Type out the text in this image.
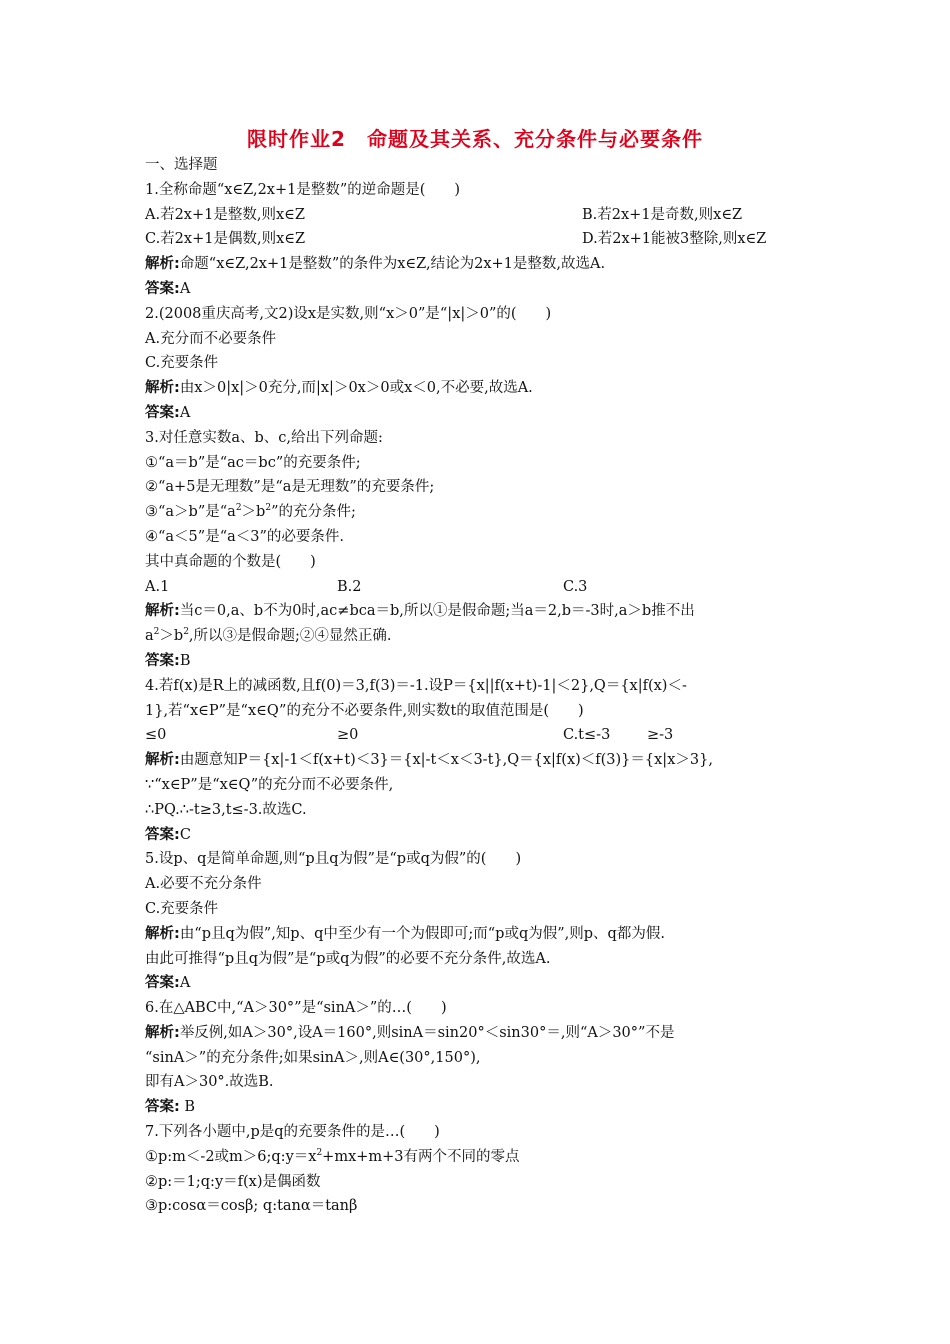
限时作业2　命题及其关系、充分条件与必要条件
一、选择题
1.全称命题“x∈Z,2x+1是整数”的逆命题是(　　)
A.若2x+1是整数,则x∈Z	B.若2x+1是奇数,则x∈Z
C.若2x+1是偶数,则x∈Z	D.若2x+1能被3整除,则x∈Z
解析:命题“x∈Z,2x+1是整数”的条件为x∈Z,结论为2x+1是整数,故选A.
答案:A
2.(2008重庆高考,文2)设x是实数,则“x＞0”是“|x|＞0”的(　　)
A.充分而不必要条件
C.充要条件
解析:由x＞0|x|＞0充分,而|x|＞0x＞0或x＜0,不必要,故选A.
答案:A
3.对任意实数a、b、c,给出下列命题:
①“a＝b”是“ac＝bc”的充要条件;
②“a+5是无理数”是“a是无理数”的充要条件;
③“a＞b”是“$a^2>b^2$”的充分条件;
④“a＜5”是“a＜3”的必要条件.
其中真命题的个数是(　　)
A.1	B.2	C.3
解析:当c＝0,a、b不为0时,ac≠bca＝b,所以①是假命题;当a＝2,b＝-3时,a＞b推不出
$a^2>b^2$,所以③是假命题;②④显然正确.
答案:B
4.若f(x)是R上的减函数,且f(0)＝3,f(3)＝-1.设P＝{x||f(x+t)-1|＜2},Q＝{x|f(x)＜-
1},若“x∈P”是“x∈Q”的充分不必要条件,则实数t的取值范围是(　　)
≤0	≥0	C.t≤-3	≥-3
解析:由题意知P＝{x|-1＜f(x+t)＜3}＝{x|-t＜x＜3-t},Q＝{x|f(x)＜f(3)}＝{x|x＞3},
∵“x∈P”是“x∈Q”的充分而不必要条件,
∴PQ.∴-t≥3,t≤-3.故选C.
答案:C
5.设p、q是简单命题,则“p且q为假”是“p或q为假”的(　　)
A.必要不充分条件
C.充要条件
解析:由“p且q为假”,知p、q中至少有一个为假即可;而“p或q为假”,则p、q都为假.
由此可推得“p且q为假”是“p或q为假”的必要不充分条件,故选A.
答案:A
6.在△ABC中,“A＞30°”是“sinA＞”的…(　　)
解析:举反例,如A＞30°,设A＝160°,则sinA＝sin20°＜sin30°＝,则“A＞30°”不是
“sinA＞”的充分条件;如果sinA＞,则A∈(30°,150°),
即有A＞30°.故选B.
答案: B
7.下列各小题中,p是q的充要条件的是…(　　)
①p:m＜-2或$m>6;q:y=x^2+mx+m+3$有两个不同的零点
②p:＝1;q:y＝f(x)是偶函数
③p:cosα＝cosβ; q:tanα＝tanβ
